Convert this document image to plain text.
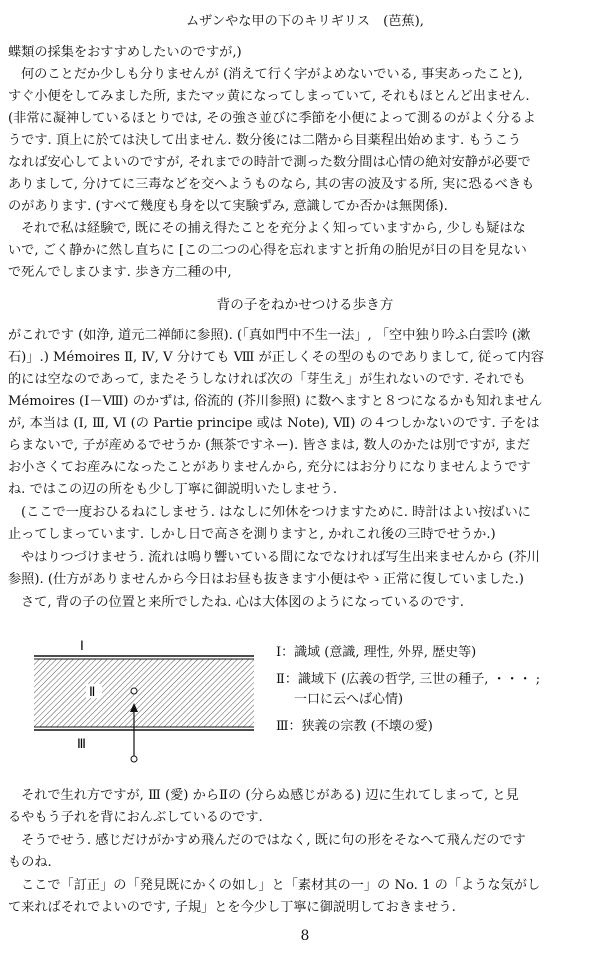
ムザンやな甲の下のキリギリス　(芭蕉),
蝶類の採集をおすすめしたいのですが,)
何のことだか少しも分りませんが (消えて行く字がよめないでいる, 事実あったこと),
すぐ小便をしてみました所, またマッ黄になってしまっていて, それもほとんど出ません.
(非常に凝神しているほとりでは, その強さ並びに季節を小便によって測るのがよく分るよ
うです. 頂上に於ては決して出ません. 数分後には二階から目薬程出始めます. もうこう
なれば安心してよいのですが, それまでの時計で測った数分間は心情の絶対安静が必要で
ありまして, 分けてに三毒などを交へようものなら, 其の害の波及する所, 実に恐るべきも
のがあります. (すべて幾度も身を以て実験ずみ, 意識してか否かは無関係).
それで私は経験で, 既にその捕え得たことを充分よく知っていますから, 少しも疑はな
いで, ごく静かに然し直ちに [この二つの心得を忘れますと折角の胎児が日の目を見ない
で死んでしまひます. 歩き方二種の中,
背の子をねかせつける歩き方
がこれです (如浄, 道元二禅師に参照). (「真如門中不生一法」, 「空中独り吟ふ白雲吟 (漱
石)」.) Mémoires Ⅱ, Ⅳ, Ⅴ 分けても Ⅷ が正しくその型のものでありまして, 従って内容
的には空なのであって, またそうしなければ次の「芽生え」が生れないのです. それでも
Mémoires (Ⅰ－Ⅷ) のかずは, 俗流的 (芥川参照) に数へますと８つになるかも知れません
が, 本当は (Ⅰ, Ⅲ, Ⅵ (の Partie principe 或は Note), Ⅶ) の４つしかないのです. 子をは
らまないで, 子が産めるでせうか (無茶ですネー). 皆さまは, 数人のかたは別ですが, まだ
お小さくてお産みになったことがありませんから, 充分にはお分りになりませんようです
ね. ではこの辺の所をも少し丁寧に御説明いたしませう.
(ここで一度おひるねにしませう. はなしに夘休をつけますために. 時計はよい按ばいに
止ってしまっています. しかし日で高さを測りますと, かれこれ後の三時でせうか.)
やはりつづけませう. 流れは鳴り響いている間になでなければ写生出来ませんから (芥川
参照). (仕方がありませんから今日はお昼も抜きます小便はやゝ正常に復していました.)
さて, 背の子の位置と来所でしたね. 心は大体図のようになっているのです.
Ⅰ
Ⅱ
Ⅲ
Ⅰ：識域 (意識, 理性, 外界, 歴史等)
Ⅱ：識域下 (広義の哲学, 三世の種子, ・・・ ;
一口に云へば心情)
Ⅲ：狭義の宗教 (不壊の愛)
それで生れ方ですが, Ⅲ (愛) からⅡの (分らぬ感じがある) 辺に生れてしまって, と見
るやもう子れを背におんぶしているのです.
そうでせう. 感じだけがかすめ飛んだのではなく, 既に句の形をそなへて飛んだのです
ものね.
ここで「訂正」の「発見既にかくの如し」と「素材其の一」の No. 1 の「ような気がし
て来ればそれでよいのです, 子規」とを今少し丁寧に御説明しておきませう.
8
